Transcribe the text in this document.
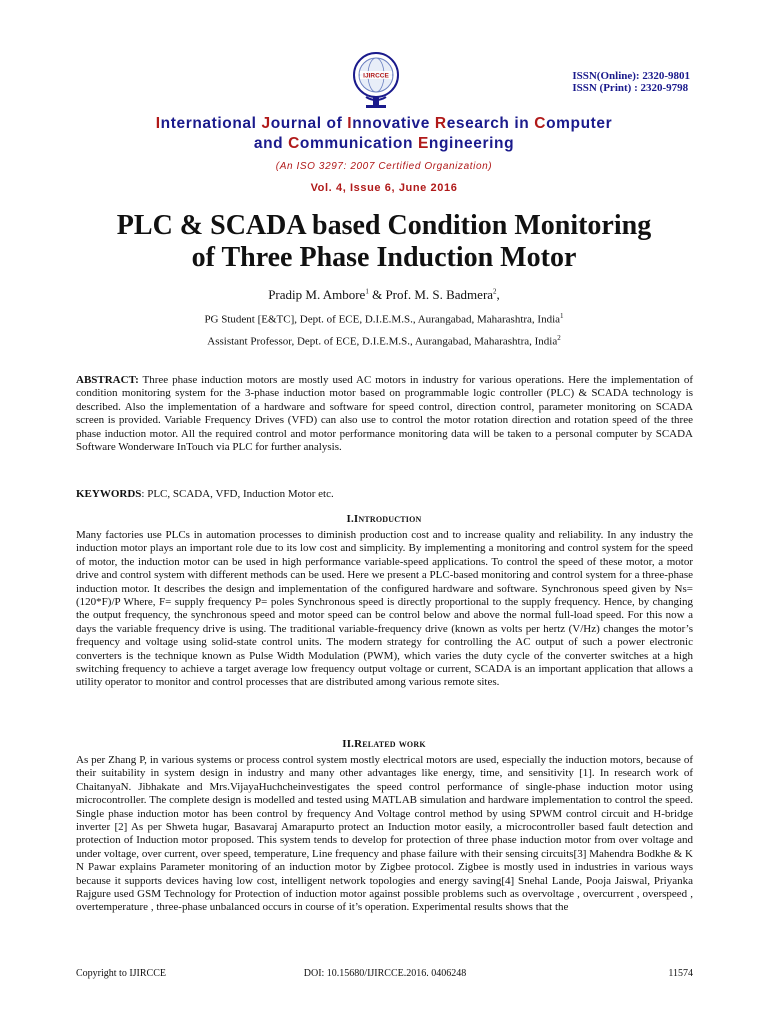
IJIRCCE	ISSN(Online): 2320-9801
ISSN (Print) : 2320-9798
International Journal of Innovative Research in Computer
and Communication Engineering
(An ISO 3297: 2007 Certified Organization)
Vol. 4, Issue 6, June 2016
PLC & SCADA based Condition Monitoring
of Three Phase Induction Motor
Pradip M. Ambore$^1$ & Prof. M. S. Badmera$^2$,
PG Student [E&TC], Dept. of ECE, D.I.E.M.S., Aurangabad, Maharashtra, India$^1$
Assistant Professor, Dept. of ECE, D.I.E.M.S., Aurangabad, Maharashtra, India$^2$
ABSTRACT: Three phase induction motors are mostly used AC motors in industry for various operations. Here the implementation of condition monitoring system for the 3-phase induction motor based on programmable logic controller (PLC) & SCADA technology is described. Also the implementation of a hardware and software for speed control, direction control, parameter monitoring on SCADA screen is provided. Variable Frequency Drives (VFD) can also use to control the motor rotation direction and rotation speed of the three phase induction motor. All the required control and motor performance monitoring data will be taken to a personal computer by SCADA Software Wonderware InTouch via PLC for further analysis.
KEYWORDS: PLC, SCADA, VFD, Induction Motor etc.
I.Introduction
Many factories use PLCs in automation processes to diminish production cost and to increase quality and reliability. In any industry the induction motor plays an important role due to its low cost and simplicity. By implementing a monitoring and control system for the speed of motor, the induction motor can be used in high performance variable-speed applications. To control the speed of these motor, a motor drive and control system with different methods can be used. Here we present a PLC-based monitoring and control system for a three-phase induction motor. It describes the design and implementation of the configured hardware and software. Synchronous speed given by Ns= (120*F)/P Where, F= supply frequency P= poles Synchronous speed is directly proportional to the supply frequency. Hence, by changing the output frequency, the synchronous speed and motor speed can be control below and above the normal full-load speed. For this now a days the variable frequency drive is using. The traditional variable-frequency drive (known as volts per hertz (V/Hz) changes the motor’s frequency and voltage using solid-state control units. The modern strategy for controlling the AC output of such a power electronic converters is the technique known as Pulse Width Modulation (PWM), which varies the duty cycle of the converter switches at a high switching frequency to achieve a target average low frequency output voltage or current, SCADA is an important application that allows a utility operator to monitor and control processes that are distributed among various remote sites.
II.Related work
As per Zhang P, in various systems or process control system mostly electrical motors are used, especially the induction motors, because of their suitability in system design in industry and many other advantages like energy, time, and sensitivity [1]. In research work of ChaitanyaN. Jibhakate and Mrs.VijayaHuchcheinvestigates the speed control performance of single-phase induction motor using microcontroller. The complete design is modelled and tested using MATLAB simulation and hardware implementation to control the speed. Single phase induction motor has been control by frequency And Voltage control method by using SPWM control circuit and H-bridge inverter [2] As per Shweta hugar, Basavaraj Amarapurto protect an Induction motor easily, a microcontroller based fault detection and protection of Induction motor proposed. This system tends to develop for protection of three phase induction motor from over voltage and under voltage, over current, over speed, temperature, Line frequency and phase failure with their sensing circuits[3] Mahendra Bodkhe & K N Pawar explains Parameter monitoring of an induction motor by Zigbee protocol. Zigbee is mostly used in industries in various ways because it supports devices having low cost, intelligent network topologies and energy saving[4] Snehal Lande, Pooja Jaiswal, Priyanka Rajgure used GSM Technology for Protection of induction motor against possible problems such as overvoltage , overcurrent , overspeed , overtemperature , three-phase unbalanced occurs in course of it’s operation. Experimental results shows that the
Copyright to IJIRCCE	DOI: 10.15680/IJIRCCE.2016. 0406248	11574
